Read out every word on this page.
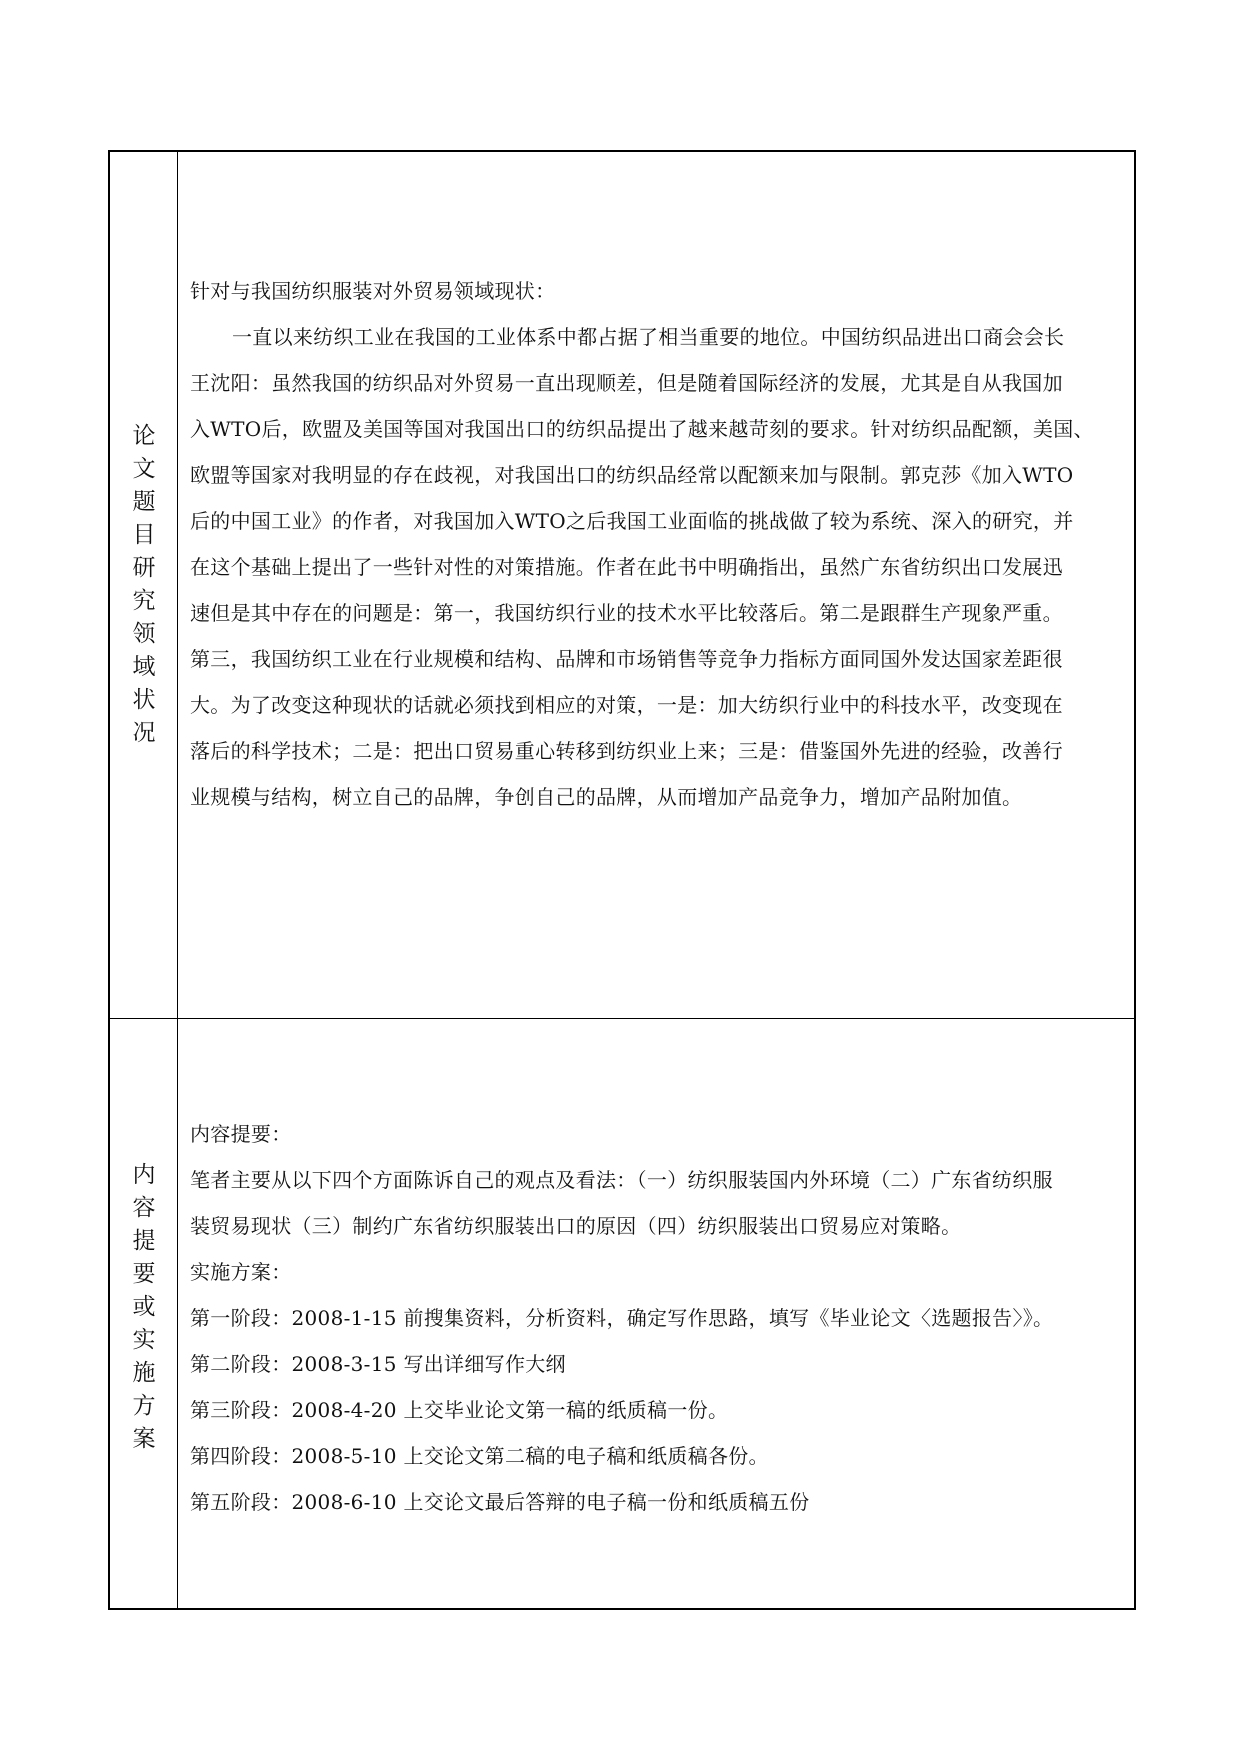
论
文
题
目
研
究
领
域
状
况

针对与我国纺织服装对外贸易领域现状：

一直以来纺织工业在我国的工业体系中都占据了相当重要的地位。中国纺织品进出口商会会长

王沈阳：虽然我国的纺织品对外贸易一直出现顺差，但是随着国际经济的发展，尤其是自从我国加

入WTO后，欧盟及美国等国对我国出口的纺织品提出了越来越苛刻的要求。针对纺织品配额，美国、

欧盟等国家对我明显的存在歧视，对我国出口的纺织品经常以配额来加与限制。郭克莎《加入WTO

后的中国工业》的作者，对我国加入WTO之后我国工业面临的挑战做了较为系统、深入的研究，并

在这个基础上提出了一些针对性的对策措施。作者在此书中明确指出，虽然广东省纺织出口发展迅

速但是其中存在的问题是：第一，我国纺织行业的技术水平比较落后。第二是跟群生产现象严重。

第三，我国纺织工业在行业规模和结构、品牌和市场销售等竞争力指标方面同国外发达国家差距很

大。为了改变这种现状的话就必须找到相应的对策，一是：加大纺织行业中的科技水平，改变现在

落后的科学技术；二是：把出口贸易重心转移到纺织业上来；三是：借鉴国外先进的经验，改善行

业规模与结构，树立自己的品牌，争创自己的品牌，从而增加产品竞争力，增加产品附加值。

内
容
提
要
或
实
施
方
案

内容提要：

笔者主要从以下四个方面陈诉自己的观点及看法：（一）纺织服装国内外环境（二）广东省纺织服

装贸易现状（三）制约广东省纺织服装出口的原因（四）纺织服装出口贸易应对策略。

实施方案：

第一阶段：2008-1-15 前搜集资料，分析资料，确定写作思路，填写《毕业论文〈选题报告〉》。

第二阶段：2008-3-15 写出详细写作大纲

第三阶段：2008-4-20 上交毕业论文第一稿的纸质稿一份。

第四阶段：2008-5-10 上交论文第二稿的电子稿和纸质稿各份。

第五阶段：2008-6-10 上交论文最后答辩的电子稿一份和纸质稿五份
